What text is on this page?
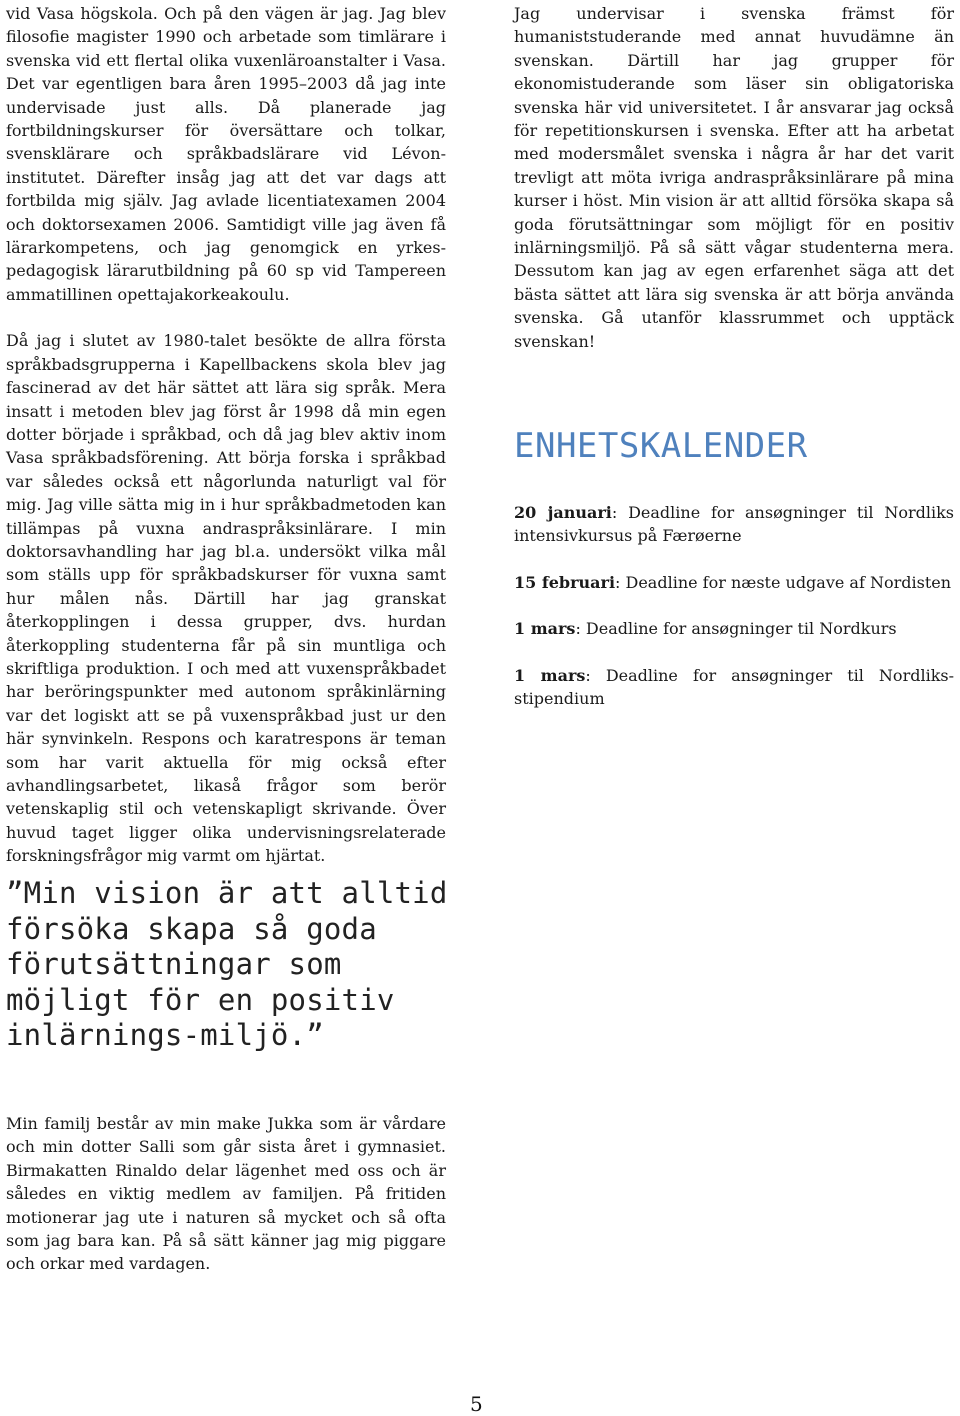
vid Vasa högskola. Och på den vägen är jag. Jag blev filosofie magister 1990 och arbetade som timlärare i svenska vid ett flertal olika vuxenläroanstalter i Vasa. Det var egentligen bara åren 1995–2003 då jag inte undervisade just alls. Då planerade jag fortbildningskurser för översättare och tolkar, svensklärare och språkbadslärare vid Lévon-institutet. Därefter insåg jag att det var dags att fortbilda mig själv. Jag avlade licentiatexamen 2004 och doktorsexamen 2006. Samtidigt ville jag även få lärarkompetens, och jag genomgick en yrkespedagogisk lärarutbildning på 60 sp vid Tampereen ammatillinen opettajakorkeakoulu.

Då jag i slutet av 1980-talet besökte de allra första språkbadsgrupperna i Kapellbackens skola blev jag fascinerad av det här sättet att lära sig språk. Mera insatt i metoden blev jag först år 1998 då min egen dotter började i språkbad, och då jag blev aktiv inom Vasa språkbadsförening. Att börja forska i språkbad var således också ett någorlunda naturligt val för mig. Jag ville sätta mig in i hur språkbadmetoden kan tillämpas på vuxna andraspråksinlärare. I min doktorsavhandling har jag bl.a. undersökt vilka mål som ställs upp för språkbadskurser för vuxna samt hur målen nås. Därtill har jag granskat återkopplingen i dessa grupper, dvs. hurdan återkoppling studenterna får på sin muntliga och skriftliga produktion. I och med att vuxenspråkbadet har beröringspunkter med autonom språkinlärning var det logiskt att se på vuxenspråkbad just ur den här synvinkeln. Respons och karatrespons är teman som har varit aktuella för mig också efter avhandlingsarbetet, likaså frågor som berör vetenskaplig stil och vetenskapligt skrivande. Över huvud taget ligger olika undervisningsrelaterade forskningsfrågor mig varmt om hjärtat.

”Min vision är att alltid försöka skapa så goda förutsättningar som möjligt för en positiv inlärnings-miljö.”

Min familj består av min make Jukka som är vårdare och min dotter Salli som går sista året i gymnasiet. Birmakatten Rinaldo delar lägenhet med oss och är således en viktig medlem av familjen. På fritiden motionerar jag ute i naturen så mycket och så ofta som jag bara kan. På så sätt känner jag mig piggare och orkar med vardagen.

Jag undervisar i svenska främst för humaniststuderande med annat huvudämne än svenskan. Därtill har jag grupper för ekonomistuderande som läser sin obligatoriska svenska här vid universitetet. I år ansvarar jag också för repetitionskursen i svenska. Efter att ha arbetat med modersmålet svenska i några år har det varit trevligt att möta ivriga andraspråksinlärare på mina kurser i höst. Min vision är att alltid försöka skapa så goda förutsättningar som möjligt för en positiv inlärningsmiljö. På så sätt vågar studenterna mera. Dessutom kan jag av egen erfarenhet säga att det bästa sättet att lära sig svenska är att börja använda svenska. Gå utanför klassrummet och upptäck svenskan!

ENHETSKALENDER

20 januari: Deadline for ansøgninger til Nordliks intensivkursus på Færøerne

15 februari: Deadline for næste udgave af Nordisten

1 mars: Deadline for ansøgninger til Nordkurs

1 mars: Deadline for ansøgninger til Nordliksstipendium

5
